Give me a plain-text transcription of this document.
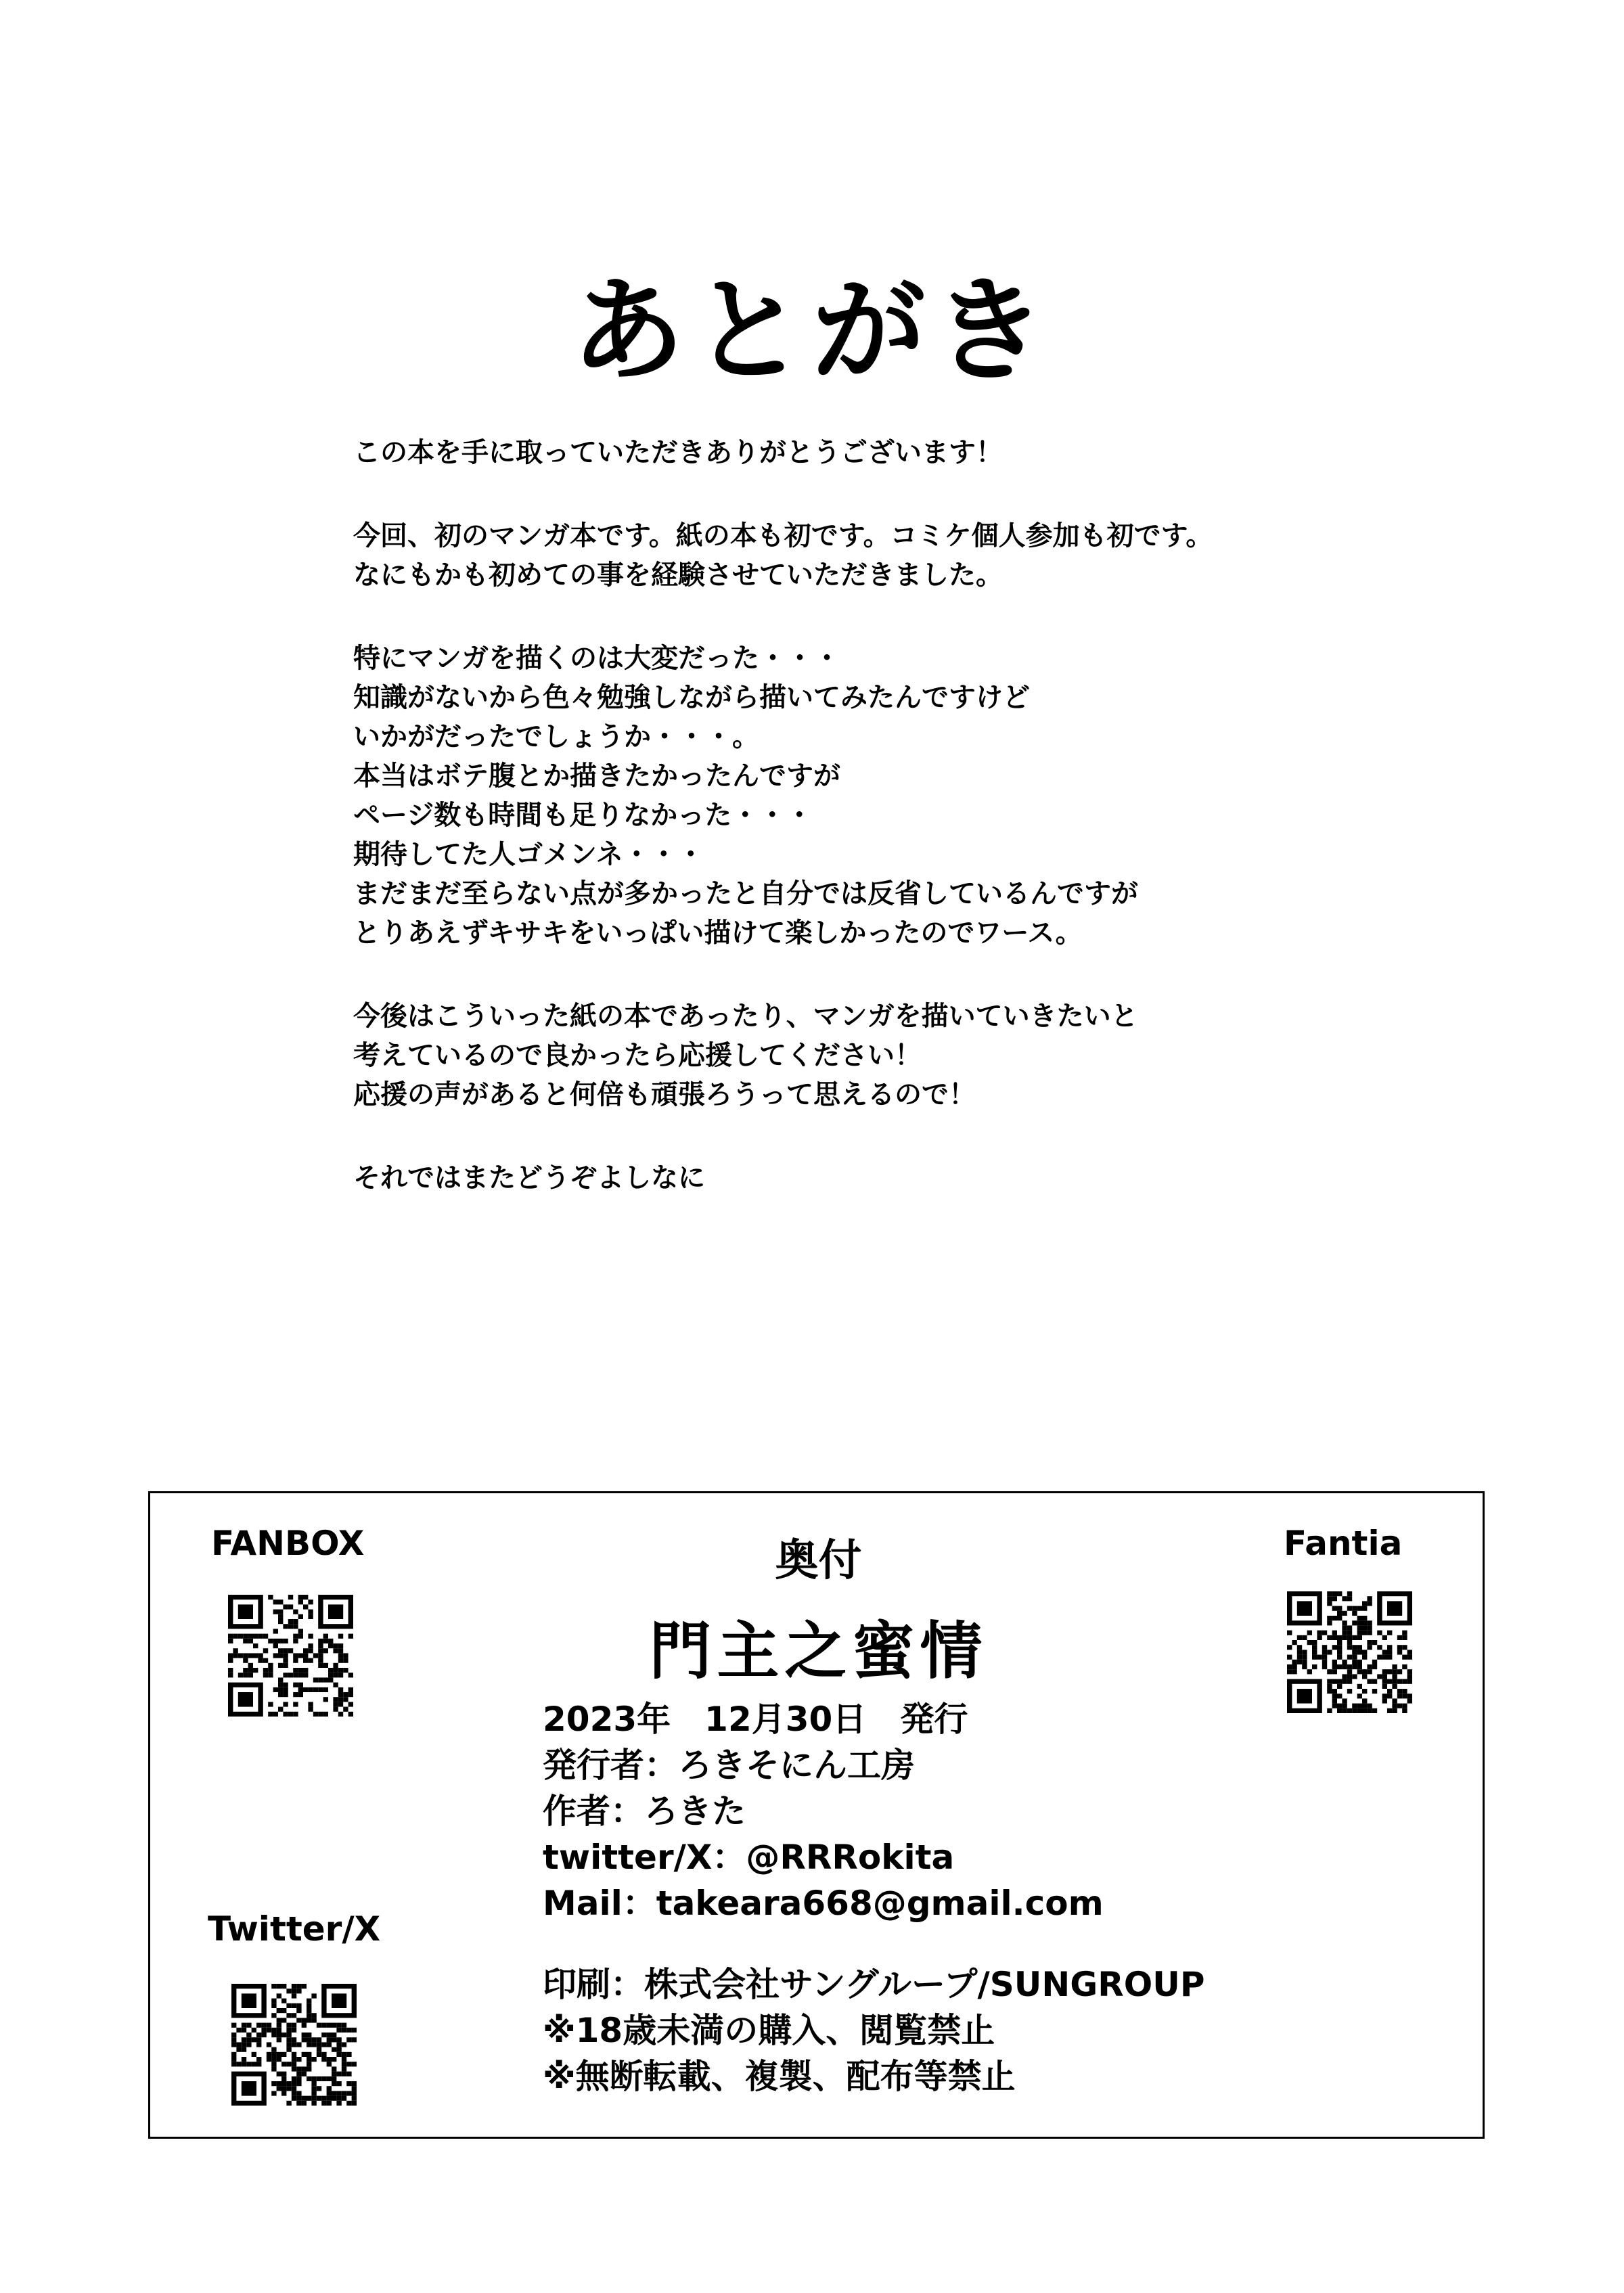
あとがき
この本を手に取っていただきありがとうございます！
今回、初のマンガ本です。紙の本も初です。コミケ個人参加も初です。
なにもかも初めての事を経験させていただきました。
特にマンガを描くのは大変だった・・・
知識がないから色々勉強しながら描いてみたんですけど
いかがだったでしょうか・・・。
本当はボテ腹とか描きたかったんですが
ページ数も時間も足りなかった・・・
期待してた人ゴメンネ・・・
まだまだ至らない点が多かったと自分では反省しているんですが
とりあえずキサキをいっぱい描けて楽しかったのでワース。
今後はこういった紙の本であったり、マンガを描いていきたいと
考えているので良かったら応援してください！
応援の声があると何倍も頑張ろうって思えるので！
それではまたどうぞよしなに
FANBOX	Fantia
Twitter/X
奥付
門主之蜜情
2023年　12月30日　発行
発行者：ろきそにん工房
作者：ろきた
twitter/X：@RRRokita
Mail：takeara668@gmail.com
印刷：株式会社サングループ/SUNGROUP
※18歳未満の購入、閲覧禁止
※無断転載、複製、配布等禁止
